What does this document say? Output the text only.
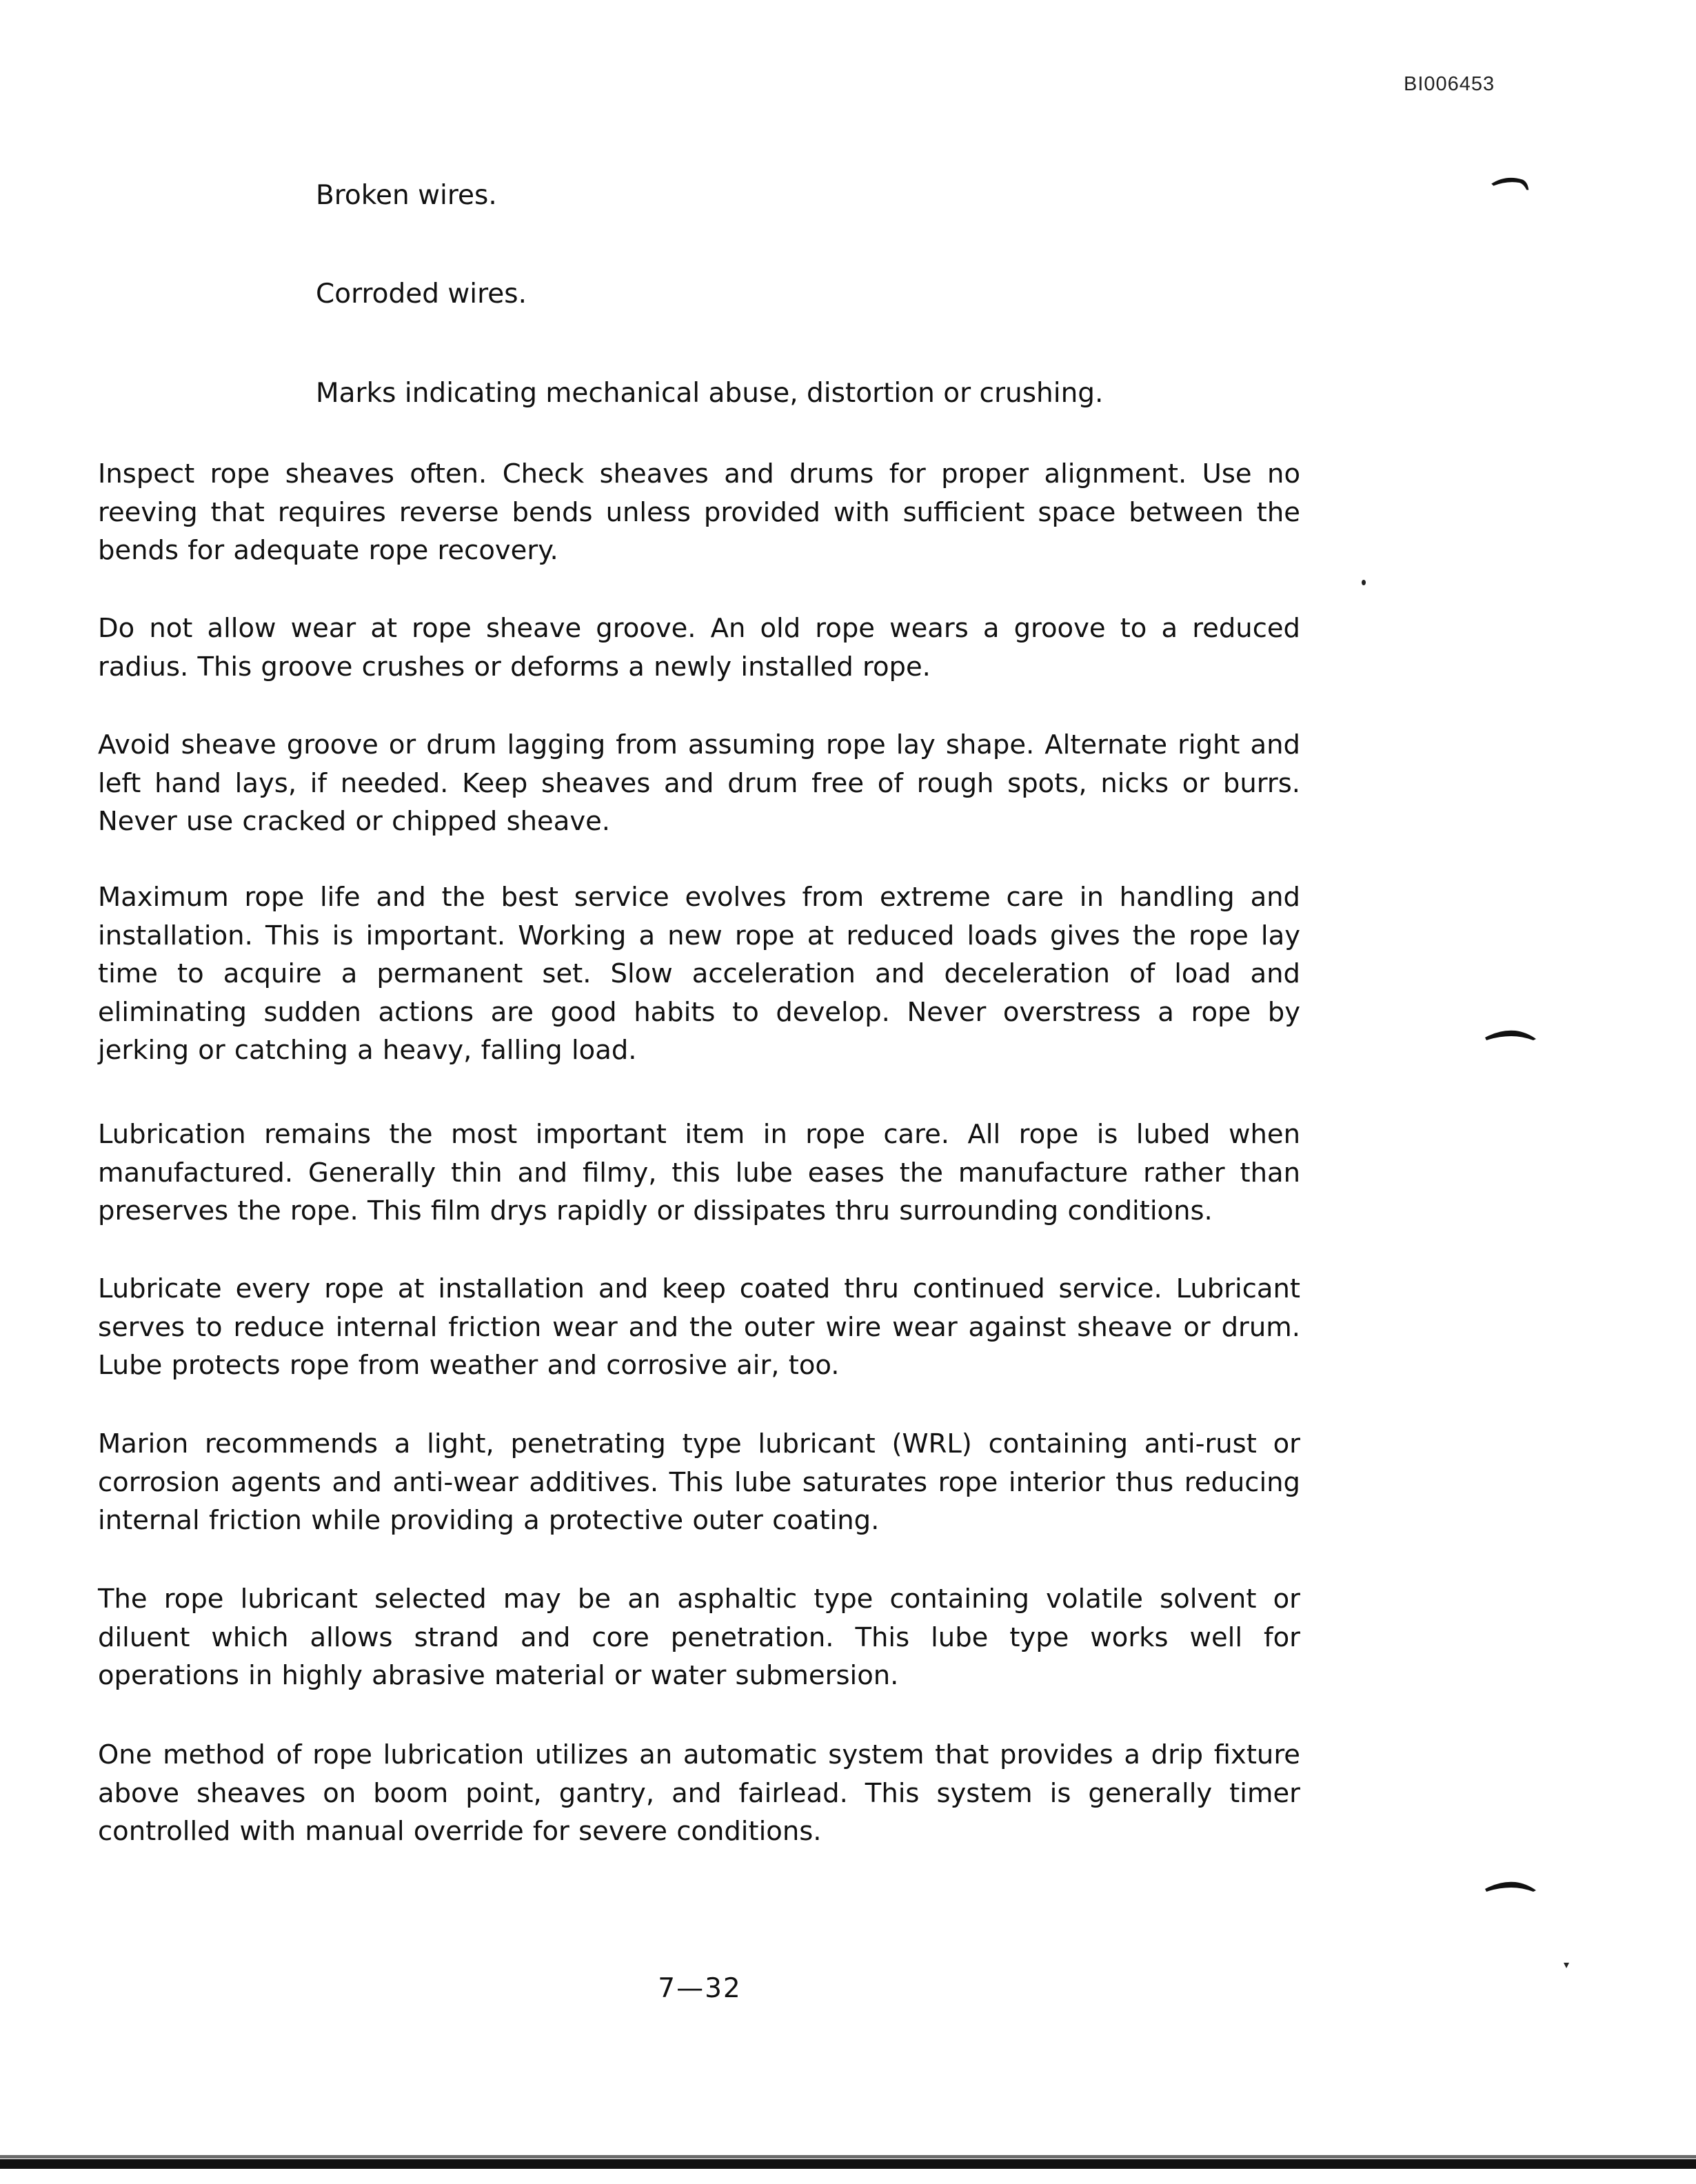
BI006453
Broken wires.
Corroded wires.
Marks indicating mechanical abuse, distortion or crushing.

Inspect rope sheaves often. Check sheaves and drums for proper alignment. Use no reeving that requires reverse bends unless provided with sufficient space between the bends for adequate rope recovery.

Do not allow wear at rope sheave groove. An old rope wears a groove to a reduced radius. This groove crushes or deforms a newly installed rope.

Avoid sheave groove or drum lagging from assuming rope lay shape. Alternate right and left hand lays, if needed. Keep sheaves and drum free of rough spots, nicks or burrs. Never use cracked or chipped sheave.

Maximum rope life and the best service evolves from extreme care in handling and installation. This is important. Working a new rope at reduced loads gives the rope lay time to acquire a permanent set. Slow acceleration and deceleration of load and eliminating sudden actions are good habits to develop. Never overstress a rope by jerking or catching a heavy, falling load.

Lubrication remains the most important item in rope care. All rope is lubed when manufactured. Generally thin and filmy, this lube eases the manufacture rather than preserves the rope. This film drys rapidly or dissipates thru surrounding conditions.

Lubricate every rope at installation and keep coated thru continued service. Lubricant serves to reduce internal friction wear and the outer wire wear against sheave or drum. Lube protects rope from weather and corrosive air, too.

Marion recommends a light, penetrating type lubricant (WRL) containing anti-rust or corrosion agents and anti-wear additives. This lube saturates rope interior thus reducing internal friction while providing a protective outer coating.

The rope lubricant selected may be an asphaltic type containing volatile solvent or diluent which allows strand and core penetration. This lube type works well for operations in highly abrasive material or water submersion.

One method of rope lubrication utilizes an automatic system that provides a drip fixture above sheaves on boom point, gantry, and fairlead. This system is generally timer controlled with manual override for severe conditions.

7—32
